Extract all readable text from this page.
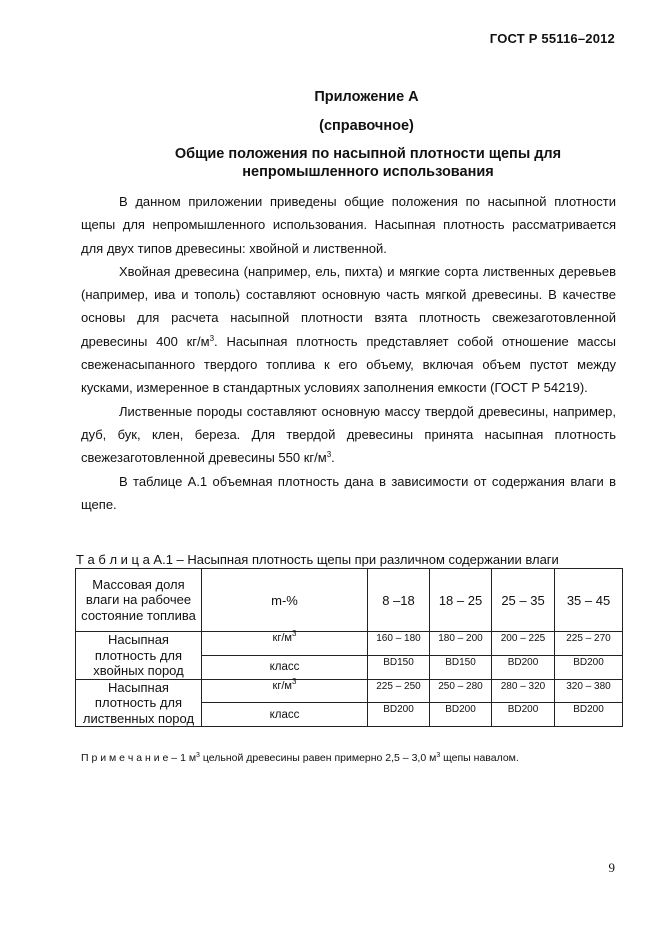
ГОСТ Р 55116–2012
Приложение А
(справочное)
Общие положения по насыпной плотности щепы для
непромышленного использования

В данном приложении приведены общие положения по насыпной плотности щепы для непромышленного использования. Насыпная плотность рассматривается для двух типов древесины: хвойной и лиственной.

Хвойная древесина (например, ель, пихта) и мягкие сорта лиственных деревьев (например, ива и тополь) составляют основную часть мягкой древесины. В качестве основы для расчета насыпной плотности взята плотность свежезаготовленной древесины 400 $кг/м^3$. Насыпная плотность представляет собой отношение массы свеженасыпанного твердого топлива к его объему, включая объем пустот между кусками, измеренное в стандартных условиях заполнения емкости (ГОСТ Р 54219).

Лиственные породы составляют основную массу твердой древесины, например, дуб, бук, клен, береза. Для твердой древесины принята насыпная плотность свежезаготовленной древесины 550 $кг/м^3$.

В таблице А.1 объемная плотность дана в зависимости от содержания влаги в щепе.

Т а б л и ц а А.1 – Насыпная плотность щепы при различном содержании влаги
Массовая доля влаги на рабочее состояние топлива	m-%	8 –18	18 – 25	25 – 35	35 – 45
Насыпная плотность для хвойных пород	$кг/м^3$	160 – 180	180 – 200	200 – 225	225 – 270
	класс	BD150	BD150	BD200	BD200
Насыпная плотность для лиственных пород	$кг/м^3$	225 – 250	250 – 280	280 – 320	320 – 380
	класс	BD200	BD200	BD200	BD200
П р и м е ч а н и е – 1 $м^3$ цельной древесины равен примерно 2,5 – 3,0 $м^3$ щепы навалом.
9
